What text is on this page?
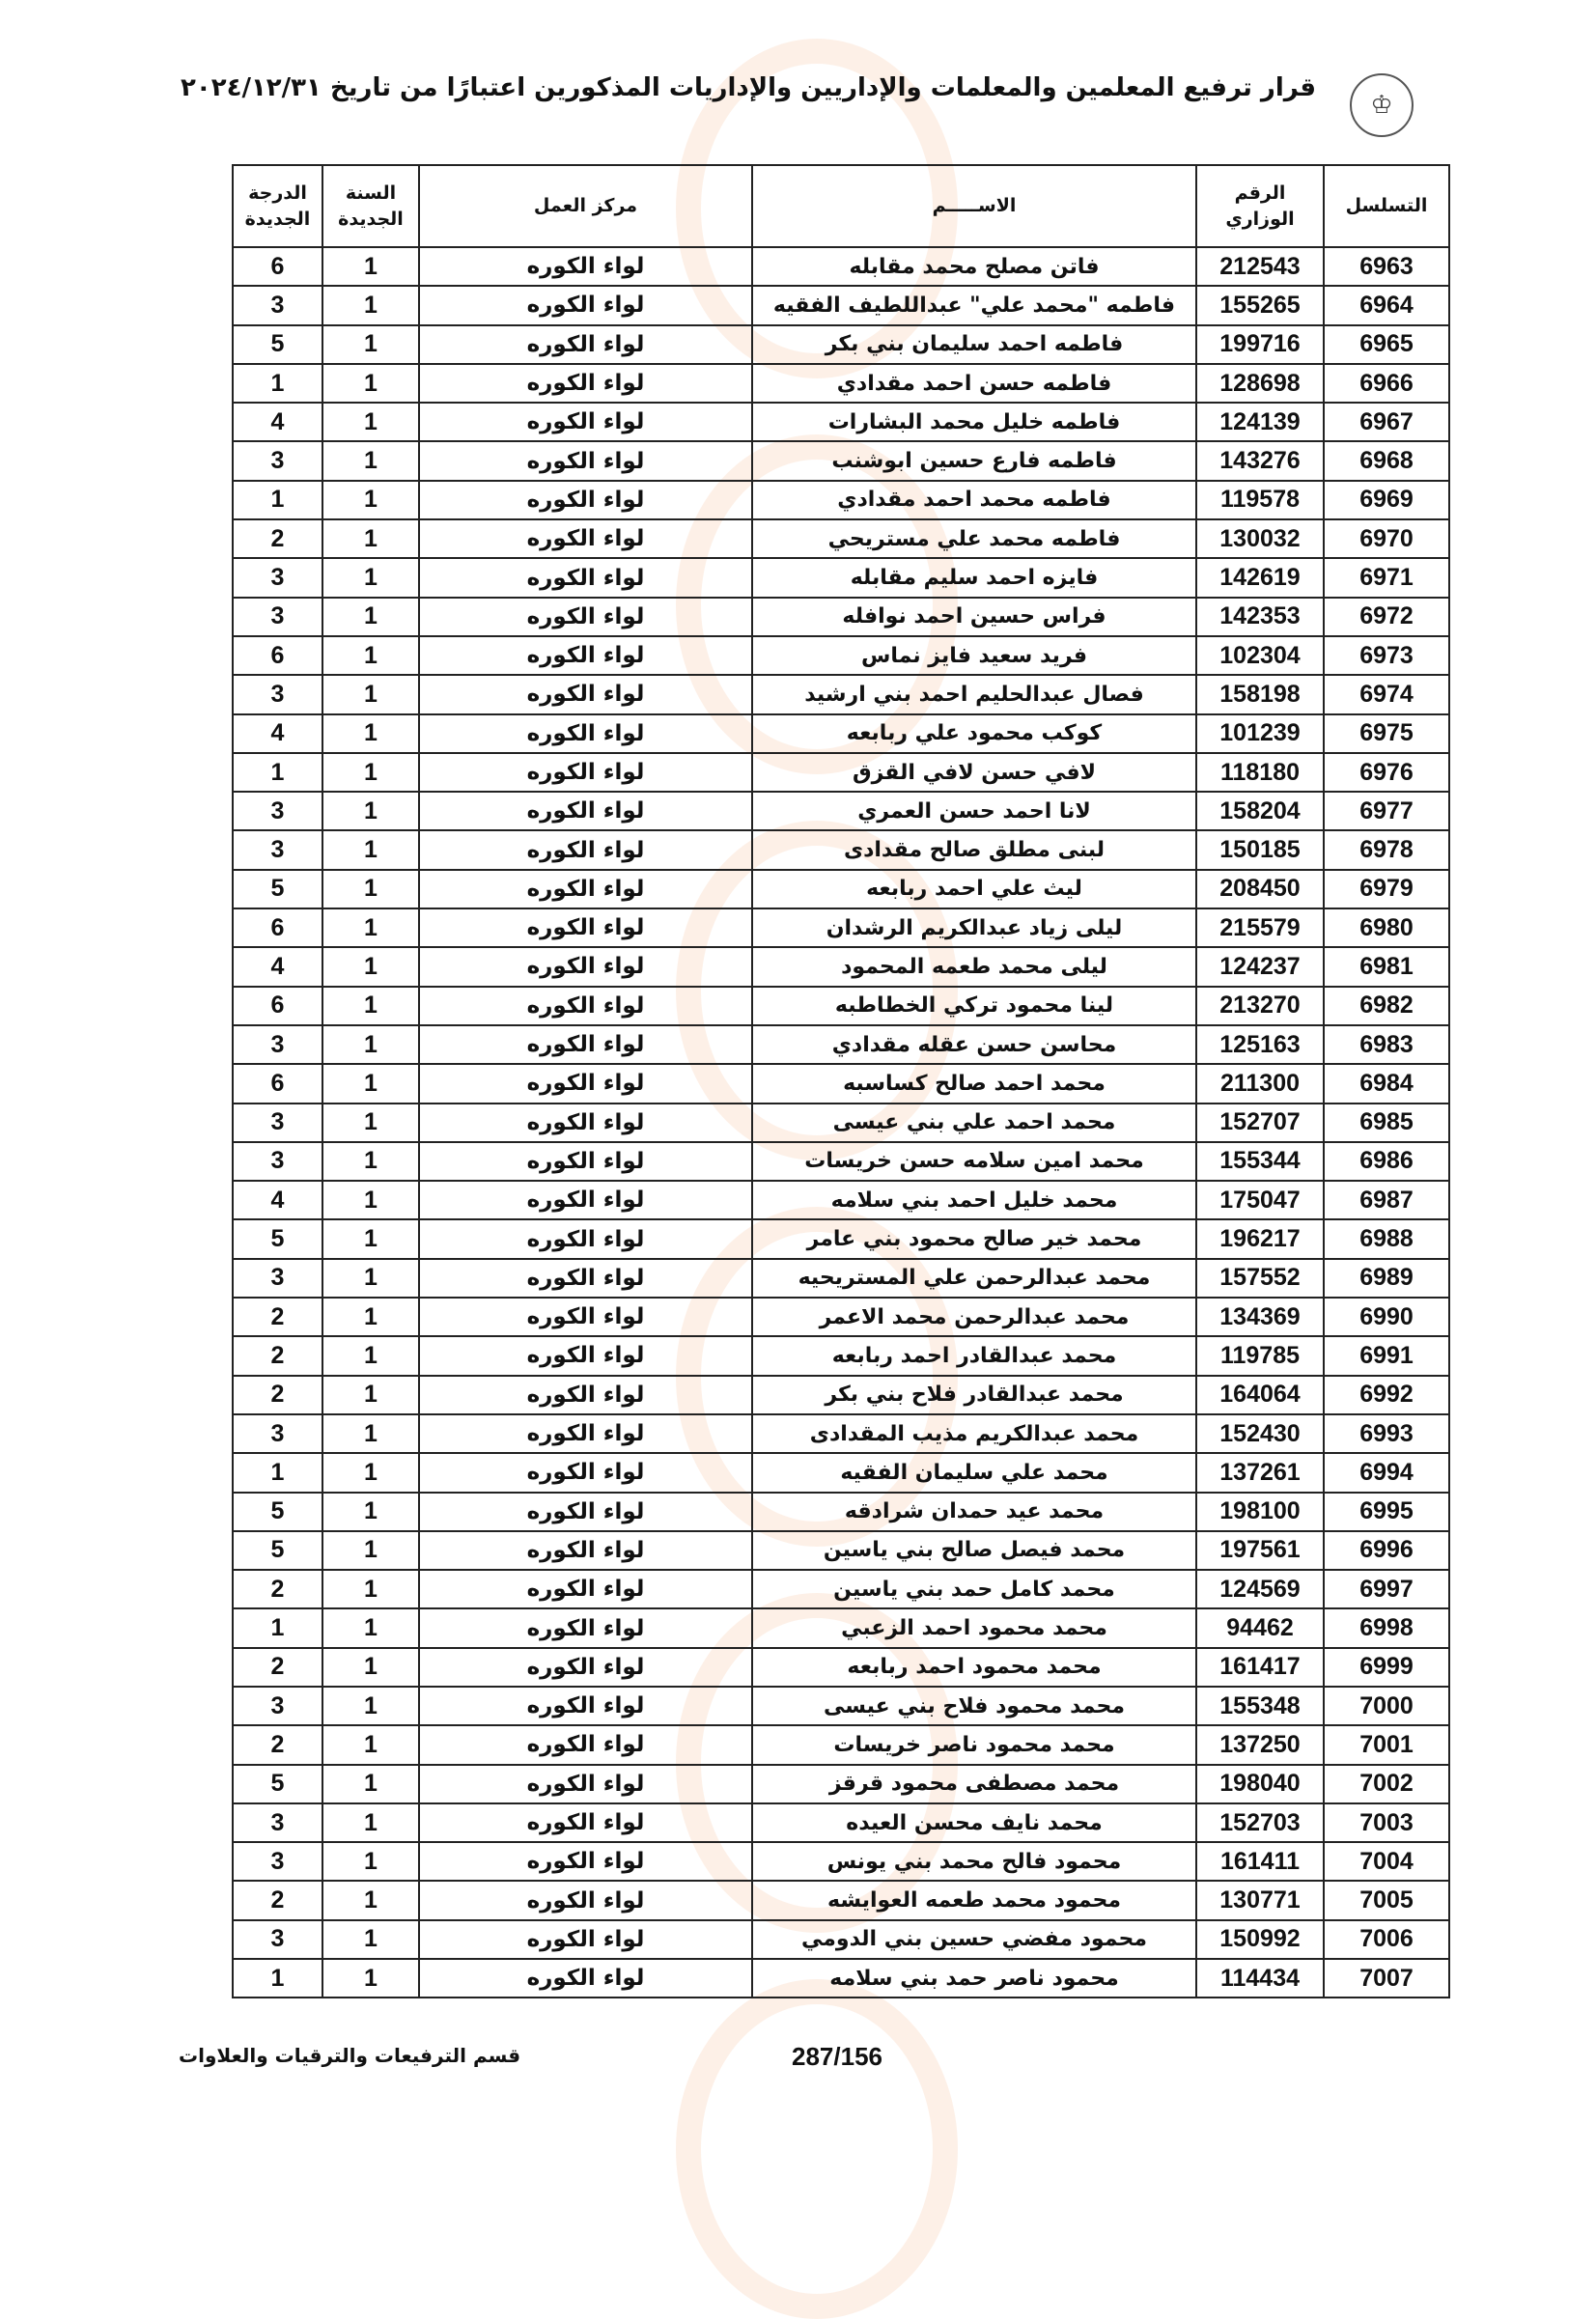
♔
قرار ترفيع المعلمين والمعلمات والإداريين والإداريات المذكورين اعتبارًا من تاريخ ٢٠٢٤/١٢/٣١
التسلسل	الرقم الوزاري	الاســـــم	مركز العمل	السنة الجديدة	الدرجة الجديدة
6963	212543	فاتن مصلح محمد مقابله	لواء الكوره	1	6
6964	155265	فاطمه "محمد علي" عبداللطيف الفقيه	لواء الكوره	1	3
6965	199716	فاطمه احمد سليمان بني بكر	لواء الكوره	1	5
6966	128698	فاطمه حسن احمد مقدادي	لواء الكوره	1	1
6967	124139	فاطمه خليل محمد البشارات	لواء الكوره	1	4
6968	143276	فاطمه فارع حسين ابوشنب	لواء الكوره	1	3
6969	119578	فاطمه محمد احمد مقدادي	لواء الكوره	1	1
6970	130032	فاطمه محمد علي مستريحي	لواء الكوره	1	2
6971	142619	فايزه احمد سليم مقابله	لواء الكوره	1	3
6972	142353	فراس حسين احمد نوافله	لواء الكوره	1	3
6973	102304	فريد سعيد فايز نماس	لواء الكوره	1	6
6974	158198	فصال عبدالحليم احمد بني ارشيد	لواء الكوره	1	3
6975	101239	كوكب محمود علي ربابعه	لواء الكوره	1	4
6976	118180	لافي حسن لافي القزق	لواء الكوره	1	1
6977	158204	لانا احمد حسن العمري	لواء الكوره	1	3
6978	150185	لبنى مطلق صالح مقدادى	لواء الكوره	1	3
6979	208450	ليث علي احمد ربابعه	لواء الكوره	1	5
6980	215579	ليلى زياد عبدالكريم الرشدان	لواء الكوره	1	6
6981	124237	ليلى محمد طعمه المحمود	لواء الكوره	1	4
6982	213270	لينا محمود تركي الخطاطبه	لواء الكوره	1	6
6983	125163	محاسن حسن عقله مقدادي	لواء الكوره	1	3
6984	211300	محمد احمد صالح كساسبه	لواء الكوره	1	6
6985	152707	محمد احمد علي بني عيسى	لواء الكوره	1	3
6986	155344	محمد امين سلامه حسن خريسات	لواء الكوره	1	3
6987	175047	محمد خليل احمد بني سلامه	لواء الكوره	1	4
6988	196217	محمد خير صالح محمود بني عامر	لواء الكوره	1	5
6989	157552	محمد عبدالرحمن علي المستريحيه	لواء الكوره	1	3
6990	134369	محمد عبدالرحمن محمد الاعمر	لواء الكوره	1	2
6991	119785	محمد عبدالقادر احمد ربابعه	لواء الكوره	1	2
6992	164064	محمد عبدالقادر فلاح بني بكر	لواء الكوره	1	2
6993	152430	محمد عبدالكريم مذيب المقدادى	لواء الكوره	1	3
6994	137261	محمد علي سليمان الفقيه	لواء الكوره	1	1
6995	198100	محمد عيد حمدان شرادقه	لواء الكوره	1	5
6996	197561	محمد فيصل صالح بني ياسين	لواء الكوره	1	5
6997	124569	محمد كامل حمد بني ياسين	لواء الكوره	1	2
6998	94462	محمد محمود احمد الزعبي	لواء الكوره	1	1
6999	161417	محمد محمود احمد ربابعه	لواء الكوره	1	2
7000	155348	محمد محمود فلاح بني عيسى	لواء الكوره	1	3
7001	137250	محمد محمود ناصر خريسات	لواء الكوره	1	2
7002	198040	محمد مصطفى محمود قرقز	لواء الكوره	1	5
7003	152703	محمد نايف محسن العيده	لواء الكوره	1	3
7004	161411	محمود فالح محمد بني يونس	لواء الكوره	1	3
7005	130771	محمود محمد طعمه العوايشه	لواء الكوره	1	2
7006	150992	محمود مفضي حسين بني الدومي	لواء الكوره	1	3
7007	114434	محمود ناصر حمد بني سلامه	لواء الكوره	1	1
287/156
قسم الترفيعات والترقيات والعلاوات
